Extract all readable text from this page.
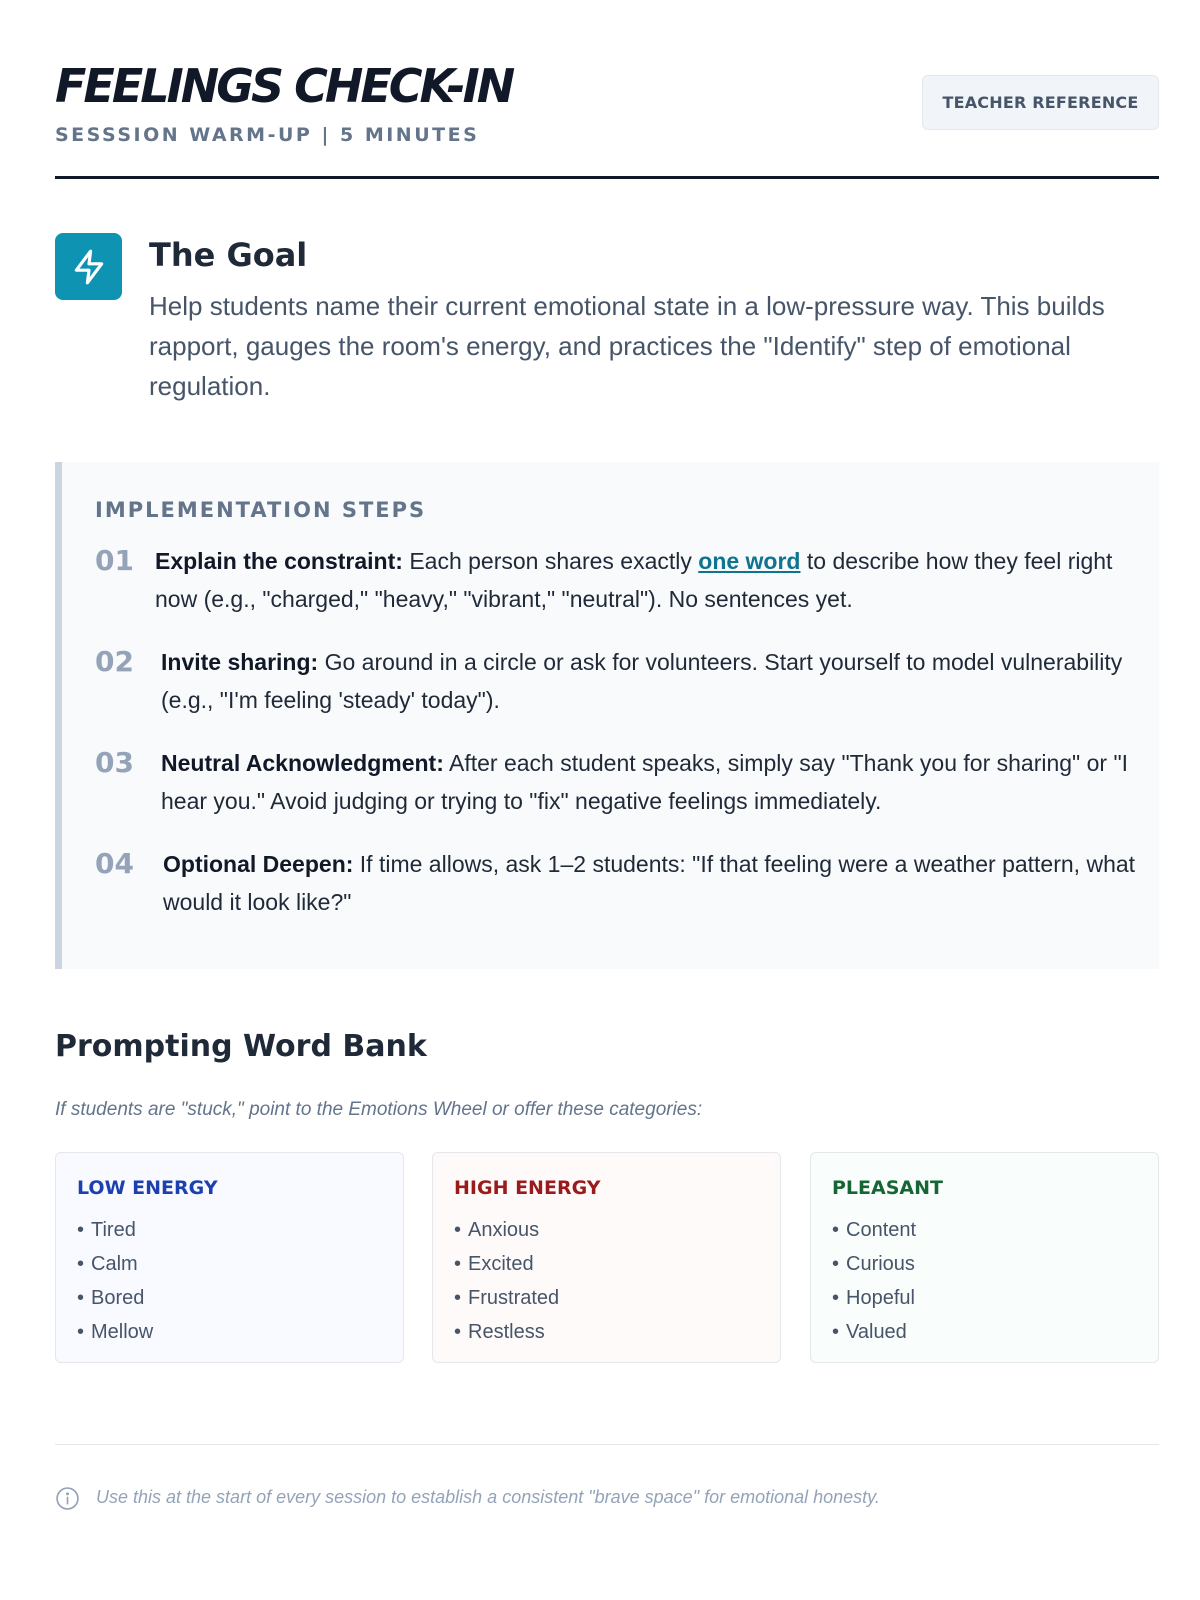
FEELINGS CHECK-IN
SESSSION WARM-UP | 5 MINUTES
TEACHER REFERENCE
The Goal
Help students name their current emotional state in a low-pressure way. This builds rapport, gauges the room's energy, and practices the "Identify" step of emotional regulation.
IMPLEMENTATION STEPS
01 Explain the constraint: Each person shares exactly one word to describe how they feel right now (e.g., "charged," "heavy," "vibrant," "neutral"). No sentences yet.
02 Invite sharing: Go around in a circle or ask for volunteers. Start yourself to model vulnerability (e.g., "I'm feeling 'steady' today").
03 Neutral Acknowledgment: After each student speaks, simply say "Thank you for sharing" or "I hear you." Avoid judging or trying to "fix" negative feelings immediately.
04 Optional Deepen: If time allows, ask 1–2 students: "If that feeling were a weather pattern, what would it look like?"
Prompting Word Bank
If students are "stuck," point to the Emotions Wheel or offer these categories:
LOW ENERGY
• Tired
• Calm
• Bored
• Mellow
HIGH ENERGY
• Anxious
• Excited
• Frustrated
• Restless
PLEASANT
• Content
• Curious
• Hopeful
• Valued
Use this at the start of every session to establish a consistent "brave space" for emotional honesty.
